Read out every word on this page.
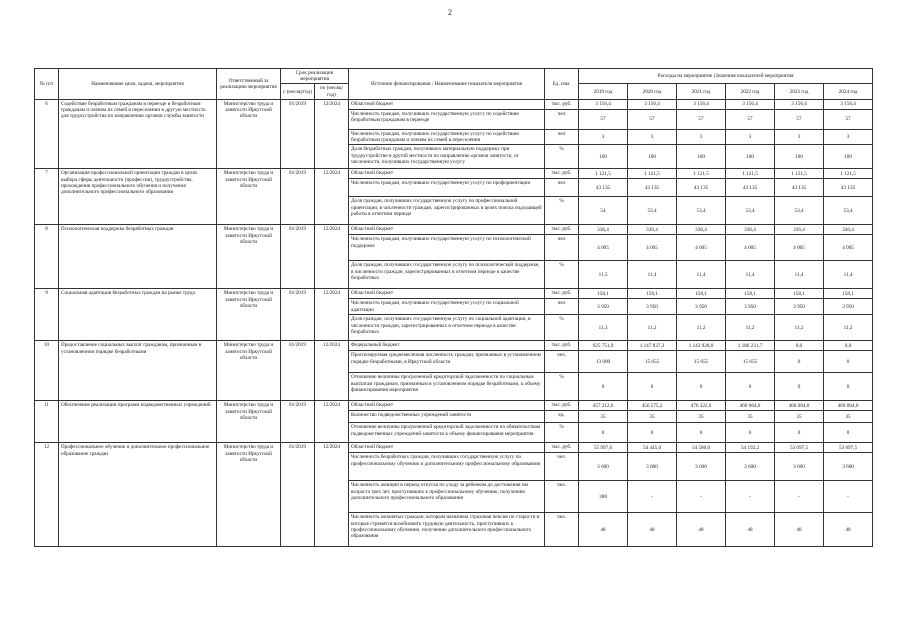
2
№ п/п	Наименование цели, задачи, мероприятия	Ответственный за реализацию мероприятия	Срок реализации мероприятия		Источник финансирования / Наименование показателя мероприятия	Ед. изм.	Расходы на мероприятие (Значения показателей мероприятия					
			с (месяц/год)	по (месяц/год)								
							2019 год	2020 год	2021 год	2022 год	2023 год	2024 год
6	Содействие безработным гражданам в переезде и безработным гражданам и членам их семей в переселении в другую местность для трудоустройства по направлению органов службы занятости	Министерство труда и занятости Иркутской области	01/2019	12/2024	Областной бюджет	тыс. руб.	3 156,4	3 156,4	3 156,4	3 156,4	3 156,4	3 156,4
					Численность граждан, получивших государственную услугу по содействию безработным гражданам в переезде	чел	57	57	57	57	57	57
					Численность граждан, получивших государственную услугу по содействию безработным гражданам и членам их семей в переселении	чел	3	3	3	3	3	3
					Доля безработных граждан, получивших материальную поддержку при трудоустройстве в другой местности по направлению органов занятости, от численности, получивших государственную услугу	%	100	100	100	100	100	100
7	Организация профессиональной ориентации граждан в целях выбора сферы деятельности (профессии), трудоустройства, прохождения профессионального обучения и получения дополнительного профессионального образования	Министерство труда и занятости Иркутской области	01/2019	12/2024	Областной бюджет	тыс. руб.	1 121,5	1 121,5	1 121,5	1 121,5	1 121,5	1 121,5
					Численность граждан, получивших государственную услугу по профориентации	чел	43 135	43 135	43 135	43 135	43 135	43 135
					Доля граждан, получивших государственную услугу по профессиональной ориентации, в численности граждан, зарегистрированных в целях поиска подходящей работы в отчетном периоде	%	54	53,4	53,4	53,4	53,4	53,4
8	Психологическая поддержка безработных граждан	Министерство труда и занятости Иркутской области	01/2019	12/2024	Областной бюджет	тыс. руб.	336,4	336,4	336,4	336,4	336,4	336,4
					Численность граждан, получивших государственную услугу по психологической поддержке	чел	4 005	4 005	4 005	4 005	4 005	4 005
					Доля граждан, получивших государственную услугу по психологической поддержке, в численности граждан, зарегистрированных в отчетном периоде в качестве безработных	%	11,5	11,4	11,4	11,4	11,4	11,4
9	Социальная адаптация безработных граждан на рынке труда	Министерство труда и занятости Иркутской области	01/2019	12/2024	Областной бюджет	тыс. руб.	158,1	158,1	158,1	158,1	158,1	158,1
					Численность граждан, получивших государственную услугу по социальной адаптации	чел	3 950	3 950	3 950	3 950	3 950	3 950
					Доля граждан, получивших государственную услугу по социальной адаптации, в численности граждан, зарегистрированных в отчетном периоде в качестве безработных	%	11,3	11,2	11,2	11,2	11,2	11,2
10	Предоставление социальных выплат гражданам, признанным в установленном порядке безработными	Министерство труда и занятости Иркутской области	01/2019	12/2024	Федеральный бюджет	тыс. руб.	925 751,9	1 147 837,3	1 143 928,0	1 186 231,7	0,0	0,0
					Прогнозируемая среднемесячная численность граждан, признанных в установленном порядке безработными, в Иркутской области	чел.	13 000	15 655	15 655	15 655	0	0
					Отношение величины просроченной кредиторской задолженности по социальным выплатам гражданам, признанным в установленном порядке безработными, к объему финансирования мероприятия	%	0	0	0	0	0	0
11	Обеспечение реализации программ подведомственных учреждений	Министерство труда и занятости Иркутской области	01/2019	12/2024	Областной бюджет	тыс. руб.	457 212,6	456 575,2	476 322,0	460 064,0	460 064,0	460 064,0
					Количество подведомственных учреждений занятости	ед.	35	35	35	35	35	35
					Отношение величины просроченной кредиторской задолженности по обязательствам подведомственных учреждений занятости к объему финансирования мероприятия	%	0	0	0	0	0	0
12	Профессиональное обучение и дополнительное профессиональное образование граждан	Министерство труда и занятости Иркутской области	01/2019	12/2024	Областной бюджет	тыс. руб.	55 997,6	54 445,0	54 580,0	54 192,2	53 697,5	53 697,5
					Численность безработных граждан, получивших государственную услугу по профессиональному обучению и дополнительному профессиональному образованию	чел.	3 600	3 600	3 600	3 600	3 600	3 600
					Численность женщин в период отпуска по уходу за ребенком до достижения им возраста трех лет, приступивших к профессиональному обучению, получению дополнительного профессионального образования	чел.	300	-	-	-	-	-
					Численность незанятых граждан, которым назначена страховая пенсия по старости и которые стремятся возобновить трудовую деятельность, приступивших к профессиональному обучению, получению дополнительного профессионального образования	чел.	48	48	48	48	48	48
